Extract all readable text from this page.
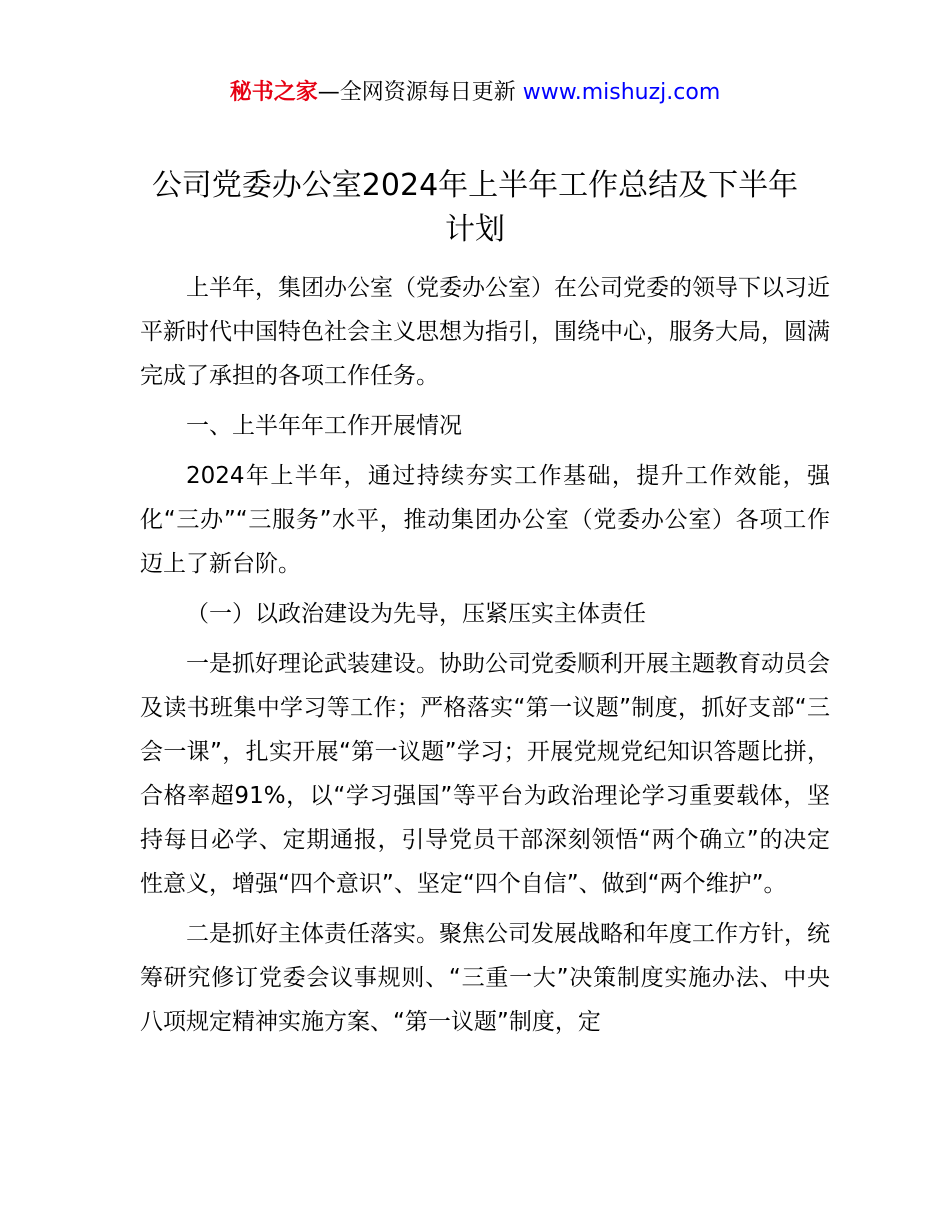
秘书之家—全网资源每日更新 www.mishuzj.com
公司党委办公室2024年上半年工作总结及下半年计划

上半年，集团办公室（党委办公室）在公司党委的领导下以习近平新时代中国特色社会主义思想为指引，围绕中心，服务大局，圆满完成了承担的各项工作任务。

一、上半年年工作开展情况

2024年上半年，通过持续夯实工作基础，提升工作效能，强化“三办”“三服务”水平，推动集团办公室（党委办公室）各项工作迈上了新台阶。

（一）以政治建设为先导，压紧压实主体责任

一是抓好理论武装建设。协助公司党委顺利开展主题教育动员会及读书班集中学习等工作；严格落实“第一议题”制度，抓好支部“三会一课”，扎实开展“第一议题”学习；开展党规党纪知识答题比拼，合格率超91%，以“学习强国”等平台为政治理论学习重要载体，坚持每日必学、定期通报，引导党员干部深刻领悟“两个确立”的决定性意义，增强“四个意识”、坚定“四个自信”、做到“两个维护”。

二是抓好主体责任落实。聚焦公司发展战略和年度工作方针，统筹研究修订党委会议事规则、“三重一大”决策制度实施办法、中央八项规定精神实施方案、“第一议题”制度，定
